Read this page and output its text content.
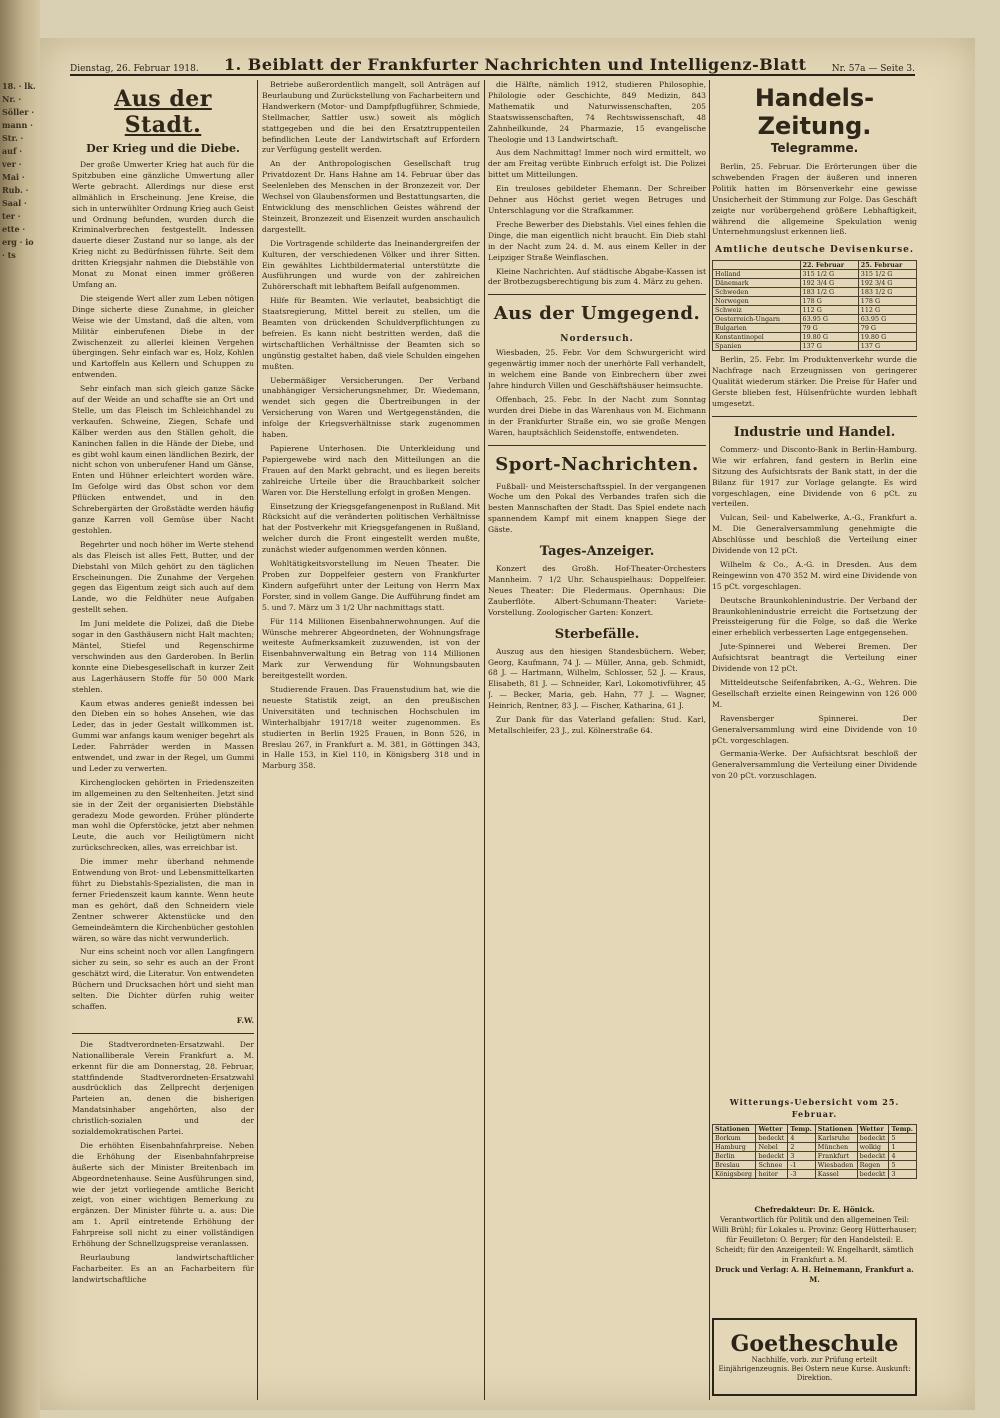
18. · lk. Nr. · Söller · mann · Str. · auf · ver · Mai · Rub. · Saal · ter · ette · erg · io · ts
Dienstag, 26. Februar 1918. 1. Beiblatt der Frankfurter Nachrichten und Intelligenz-Blatt	Nr. 57a — Seite 3.
Aus der Stadt.
Der Krieg und die Diebe.

Der große Umwerter Krieg hat auch für die Spitzbuben eine gänzliche Umwertung aller Werte gebracht. Allerdings nur diese erst allmählich in Erscheinung. Jene Kreise, die sich in unterwühlter Ordnung Krieg auch Geist und Ordnung befunden, wurden durch die Kriminalverbrechen festgestellt. Indessen dauerte dieser Zustand nur so lange, als der Krieg nicht zu Bedürfnissen führte. Seit dem dritten Kriegsjahr nahmen die Diebstähle von Monat zu Monat einen immer größeren Umfang an.

Die steigende Wert aller zum Leben nötigen Dinge sicherte diese Zunahme, in gleicher Weise wie der Umstand, daß die alten, vom Militär einberufenen Diebe in der Zwischenzeit zu allerlei kleinen Vergehen übergingen. Sehr einfach war es, Holz, Kohlen und Kartoffeln aus Kellern und Schuppen zu entwenden.

Sehr einfach man sich gleich ganze Säcke auf der Weide an und schaffte sie an Ort und Stelle, um das Fleisch im Schleichhandel zu verkaufen. Schweine, Ziegen, Schafe und Kälber werden aus den Ställen geholt, die Kaninchen fallen in die Hände der Diebe, und es gibt wohl kaum einen ländlichen Bezirk, der nicht schon von unberufener Hand um Gänse, Enten und Hühner erleichtert worden wäre. Im Gefolge wird das Obst schon vor dem Pflücken entwendet, und in den Schrebergärten der Großstädte werden häufig ganze Karren voll Gemüse über Nacht gestohlen.

Begehrter und noch höher im Werte stehend als das Fleisch ist alles Fett, Butter, und der Diebstahl von Milch gehört zu den täglichen Erscheinungen. Die Zunahme der Vergehen gegen das Eigentum zeigt sich auch auf dem Lande, wo die Feldhüter neue Aufgaben gestellt sehen.

Im Juni meldete die Polizei, daß die Diebe sogar in den Gasthäusern nicht Halt machten; Mäntel, Stiefel und Regenschirme verschwinden aus den Garderoben. In Berlin konnte eine Diebesgesellschaft in kurzer Zeit aus Lagerhäusern Stoffe für 50 000 Mark stehlen.

Kaum etwas anderes genießt indessen bei den Dieben ein so hohes Ansehen, wie das Leder, das in jeder Gestalt willkommen ist. Gummi war anfangs kaum weniger begehrt als Leder. Fahrräder werden in Massen entwendet, und zwar in der Regel, um Gummi und Leder zu verwerten.

Kirchenglocken gehörten in Friedenszeiten im allgemeinen zu den Seltenheiten. Jetzt sind sie in der Zeit der organisierten Diebstähle geradezu Mode geworden. Früher plünderte man wohl die Opferstöcke, jetzt aber nehmen Leute, die auch vor Heiligtümern nicht zurückschrecken, alles, was erreichbar ist.

Die immer mehr überhand nehmende Entwendung von Brot- und Lebensmittelkarten führt zu Diebstahls-Spezialisten, die man in ferner Friedenszeit kaum kannte. Wenn heute man es gehört, daß den Schneidern viele Zentner schwerer Aktenstücke und den Gemeindeämtern die Kirchenbücher gestohlen wären, so wäre das nicht verwunderlich.

Nur eins scheint noch vor allen Langfingern sicher zu sein, so sehr es auch an der Front geschätzt wird, die Literatur. Von entwendeten Büchern und Drucksachen hört und sieht man selten. Die Dichter dürfen ruhig weiter schaffen.

F.W.

Die Stadtverordneten-Ersatzwahl. Der Nationalliberale Verein Frankfurt a. M. erkennt für die am Donnerstag, 28. Februar, stattfindende Stadtverordneten-Ersatzwahl ausdrücklich das Zellprecht derjenigen Parteien an, denen die bisherigen Mandatsinhaber angehörten, also der christlich-sozialen und der sozialdemokratischen Partei.

Die erhöhten Eisenbahnfahrpreise. Neben die Erhöhung der Eisenbahnfahrpreise äußerte sich der Minister Breitenbach im Abgeordnetenhause. Seine Ausführungen sind, wie der jetzt vorliegende amtliche Bericht zeigt, von einer wichtigen Bemerkung zu ergänzen. Der Minister führte u. a. aus: Die am 1. April eintretende Erhöhung der Fahrpreise soll nicht zu einer vollständigen Erhöhung der Schnellzugspreise veranlassen.

Beurlaubung landwirtschaftlicher Facharbeiter. Es an an Facharbeitern für landwirtschaftliche

Betriebe außerordentlich mangelt, soll Anträgen auf Beurlaubung und Zurückstellung von Facharbeitern und Handwerkern (Motor- und Dampfpflugführer, Schmiede, Stellmacher, Sattler usw.) soweit als möglich stattgegeben und die bei den Ersatztruppenteilen befindlichen Leute der Landwirtschaft auf Erfordern zur Verfügung gestellt werden.

An der Anthropologischen Gesellschaft trug Privatdozent Dr. Hans Hahne am 14. Februar über das Seelenleben des Menschen in der Bronzezeit vor. Der Wechsel von Glaubensformen und Bestattungsarten, die Entwicklung des menschlichen Geistes während der Steinzeit, Bronzezeit und Eisenzeit wurden anschaulich dargestellt.

Die Vortragende schilderte das Ineinandergreifen der Kulturen, der verschiedenen Völker und ihrer Sitten. Ein gewähltes Lichtbildermaterial unterstützte die Ausführungen und wurde von der zahlreichen Zuhörerschaft mit lebhaftem Beifall aufgenommen.

Hilfe für Beamten. Wie verlautet, beabsichtigt die Staatsregierung, Mittel bereit zu stellen, um die Beamten von drückenden Schuldverpflichtungen zu befreien. Es kann nicht bestritten werden, daß die wirtschaftlichen Verhältnisse der Beamten sich so ungünstig gestaltet haben, daß viele Schulden eingehen mußten.

Uebermäßiger Versicherungen. Der Verband unabhängiger Versicherungsnehmer, Dr. Wiedemann, wendet sich gegen die Übertreibungen in der Versicherung von Waren und Wertgegenständen, die infolge der Kriegsverhältnisse stark zugenommen haben.

Papierene Unterhosen. Die Unterkleidung und Papiergewebe wird nach den Mitteilungen an die Frauen auf den Markt gebracht, und es liegen bereits zahlreiche Urteile über die Brauchbarkeit solcher Waren vor. Die Herstellung erfolgt in großen Mengen.

Einsetzung der Kriegsgefangenenpost in Rußland. Mit Rücksicht auf die veränderten politischen Verhältnisse hat der Postverkehr mit Kriegsgefangenen in Rußland, welcher durch die Front eingestellt werden mußte, zunächst wieder aufgenommen werden können.

Wohltätigkeitsvorstellung im Neuen Theater. Die Proben zur Doppelfeier gestern von Frankfurter Kindern aufgeführt unter der Leitung von Herrn Max Forster, sind in vollem Gange. Die Aufführung findet am 5. und 7. März um 3 1/2 Uhr nachmittags statt.

Für 114 Millionen Eisenbahnerwohnungen. Auf die Wünsche mehrerer Abgeordneten, der Wohnungsfrage weiteste Aufmerksamkeit zuzuwenden, ist von der Eisenbahnverwaltung ein Betrag von 114 Millionen Mark zur Verwendung für Wohnungsbauten bereitgestellt worden.

Studierende Frauen. Das Frauenstudium hat, wie die neueste Statistik zeigt, an den preußischen Universitäten und technischen Hochschulen im Winterhalbjahr 1917/18 weiter zugenommen. Es studierten in Berlin 1925 Frauen, in Bonn 526, in Breslau 267, in Frankfurt a. M. 381, in Göttingen 343, in Halle 153, in Kiel 110, in Königsberg 318 und in Marburg 358.

die Hälfte, nämlich 1912, studieren Philosophie, Philologie oder Geschichte, 849 Medizin, 843 Mathematik und Naturwissenschaften, 205 Staatswissenschaften, 74 Rechtswissenschaft, 48 Zahnheilkunde, 24 Pharmazie, 15 evangelische Theologie und 13 Landwirtschaft.

Aus dem Nachmittag! Immer noch wird ermittelt, wo der am Freitag verübte Einbruch erfolgt ist. Die Polizei bittet um Mitteilungen.

Ein treuloses gebildeter Ehemann. Der Schreiber Dehner aus Höchst geriet wegen Betruges und Unterschlagung vor die Strafkammer.

Freche Bewerber des Diebstahls. Viel eines fehlen die Dinge, die man eigentlich nicht braucht. Ein Dieb stahl in der Nacht zum 24. d. M. aus einem Keller in der Leipziger Straße Weinflaschen.

Kleine Nachrichten. Auf städtische Abgabe-Kassen ist der Brotbezugsberechtigung bis zum 4. März zu gehen.

Aus der Umgegend.
Nordersuch.

Wiesbaden, 25. Febr. Vor dem Schwurgericht wird gegenwärtig immer noch der unerhörte Fall verhandelt, in welchem eine Bande von Einbrechern über zwei Jahre hindurch Villen und Geschäftshäuser heimsuchte.

Offenbach, 25. Febr. In der Nacht zum Sonntag wurden drei Diebe in das Warenhaus von M. Eichmann in der Frankfurter Straße ein, wo sie große Mengen Waren, hauptsächlich Seidenstoffe, entwendeten.

Sport-Nachrichten.

Fußball- und Meisterschaftsspiel. In der vergangenen Woche um den Pokal des Verbandes trafen sich die besten Mannschaften der Stadt. Das Spiel endete nach spannendem Kampf mit einem knappen Siege der Gäste.

Tages-Anzeiger.

Konzert des Großh. Hof-Theater-Orchesters Mannheim. 7 1/2 Uhr. Schauspielhaus: Doppelfeier. Neues Theater: Die Fledermaus. Opernhaus: Die Zauberflöte. Albert-Schumann-Theater: Variete-Vorstellung. Zoologischer Garten: Konzert.

Sterbefälle.

Auszug aus den hiesigen Standesbüchern. Weber, Georg, Kaufmann, 74 J. — Müller, Anna, geb. Schmidt, 68 J. — Hartmann, Wilhelm, Schlosser, 52 J. — Kraus, Elisabeth, 81 J. — Schneider, Karl, Lokomotivführer, 45 J. — Becker, Maria, geb. Hahn, 77 J. — Wagner, Heinrich, Rentner, 83 J. — Fischer, Katharina, 61 J.

Zur Dank für das Vaterland gefallen: Stud. Karl, Metallschleifer, 23 J., zul. Kölnerstraße 64.

Handels-Zeitung.
Telegramme.

Berlin, 25. Februar. Die Erörterungen über die schwebenden Fragen der äußeren und inneren Politik hatten im Börsenverkehr eine gewisse Unsicherheit der Stimmung zur Folge. Das Geschäft zeigte nur vorübergehend größere Lebhaftigkeit, während die allgemeine Spekulation wenig Unternehmungslust erkennen ließ.

Amtliche deutsche Devisenkurse.
	22. Februar	25. Februar
Holland	315 1/2 G	315 1/2 G
Dänemark	192 3/4 G	192 3/4 G
Schweden	183 1/2 G	183 1/2 G
Norwegen	178 G	178 G
Schweiz	112 G	112 G
Oesterreich-Ungarn	63.95 G	63.95 G
Bulgarien	79 G	79 G
Konstantinopel	19.80 G	19.80 G
Spanien	137 G	137 G

Berlin, 25. Febr. Im Produktenverkehr wurde die Nachfrage nach Erzeugnissen von geringerer Qualität wiederum stärker. Die Preise für Hafer und Gerste blieben fest, Hülsenfrüchte wurden lebhaft umgesetzt.

Industrie und Handel.

Commerz- und Disconto-Bank in Berlin-Hamburg. Wie wir erfahren, fand gestern in Berlin eine Sitzung des Aufsichtsrats der Bank statt, in der die Bilanz für 1917 zur Vorlage gelangte. Es wird vorgeschlagen, eine Dividende von 6 pCt. zu verteilen.

Vulcan, Seil- und Kabelwerke, A.-G., Frankfurt a. M. Die Generalversammlung genehmigte die Abschlüsse und beschloß die Verteilung einer Dividende von 12 pCt.

Wilhelm & Co., A.-G. in Dresden. Aus dem Reingewinn von 470 352 M. wird eine Dividende von 15 pCt. vorgeschlagen.

Deutsche Braunkohlenindustrie. Der Verband der Braunkohlenindustrie erreicht die Fortsetzung der Preissteigerung für die Folge, so daß die Werke einer erheblich verbesserten Lage entgegensehen.

Jute-Spinnerei und Weberei Bremen. Der Aufsichtsrat beantragt die Verteilung einer Dividende von 12 pCt.

Mitteldeutsche Seifenfabriken, A.-G., Wehren. Die Gesellschaft erzielte einen Reingewinn von 126 000 M.

Ravensberger Spinnerei. Der Generalversammlung wird eine Dividende von 10 pCt. vorgeschlagen.

Germania-Werke. Der Aufsichtsrat beschloß der Generalversammlung die Verteilung einer Dividende von 20 pCt. vorzuschlagen.

Witterungs-Uebersicht vom 25. Februar.
Stationen	Wetter	Temp.	Stationen	Wetter	Temp.
Borkum	bedeckt	4	Karlsruhe	bedeckt	5
Hamburg	Nebel	2	München	wolkig	1
Berlin	bedeckt	3	Frankfurt	bedeckt	4
Breslau	Schnee	-1	Wiesbaden	Regen	5
Königsberg	heiter	-3	Kassel	bedeckt	3
Chefredakteur: Dr. E. Hönick.
Verantwortlich für Politik und den allgemeinen Teil: Willi Brühl; für Lokales u. Provinz: Georg Hütterhauser; für Feuilleton: O. Berger; für den Handelsteil: E. Scheidt; für den Anzeigenteil: W. Engelhardt, sämtlich in Frankfurt a. M.
Druck und Verlag: A. H. Heinemann, Frankfurt a. M.
Goetheschule
Nachhilfe, vorb. zur Prüfung erteilt Einjährigenzeugnis. Bei Ostern neue Kurse. Auskunft: Direktion.
